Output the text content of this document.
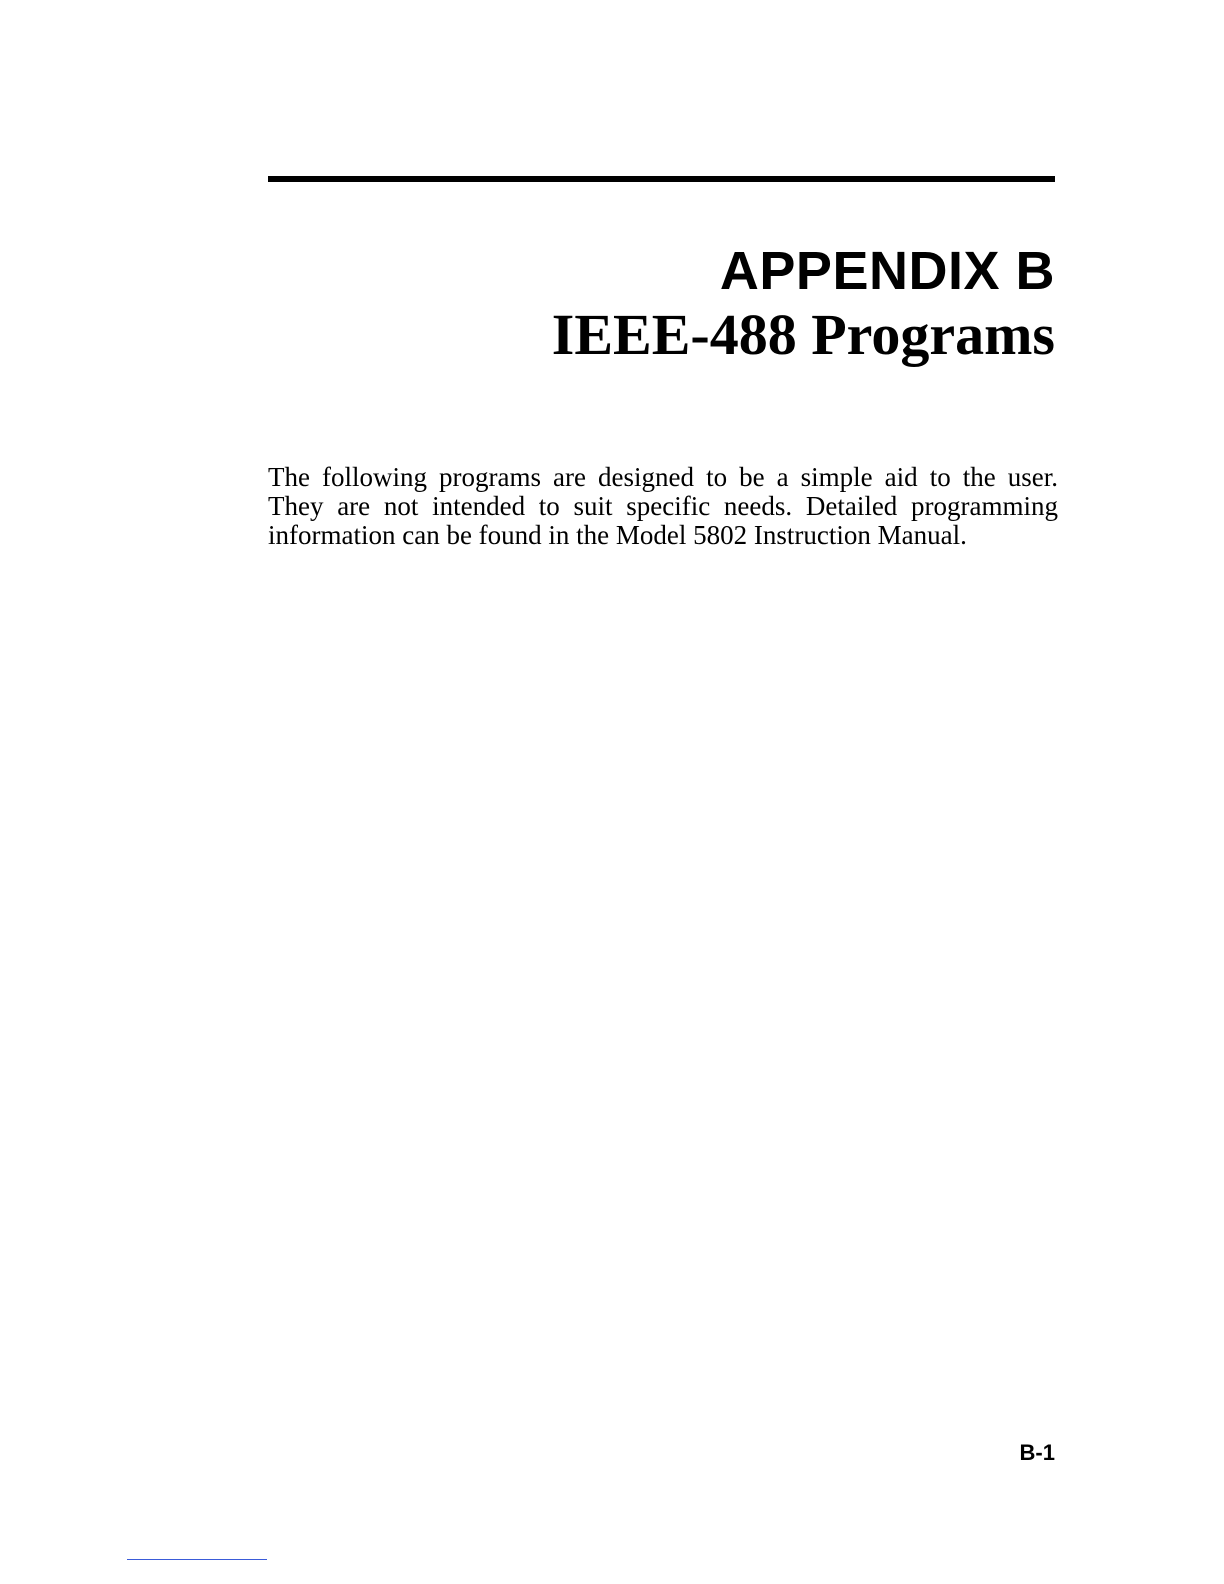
APPENDIX B
IEEE-488 Programs
The following programs are designed to be a simple aid to the user.
They are not intended to suit specific needs. Detailed programming
information can be found in the Model 5802 Instruction Manual.
B-1
